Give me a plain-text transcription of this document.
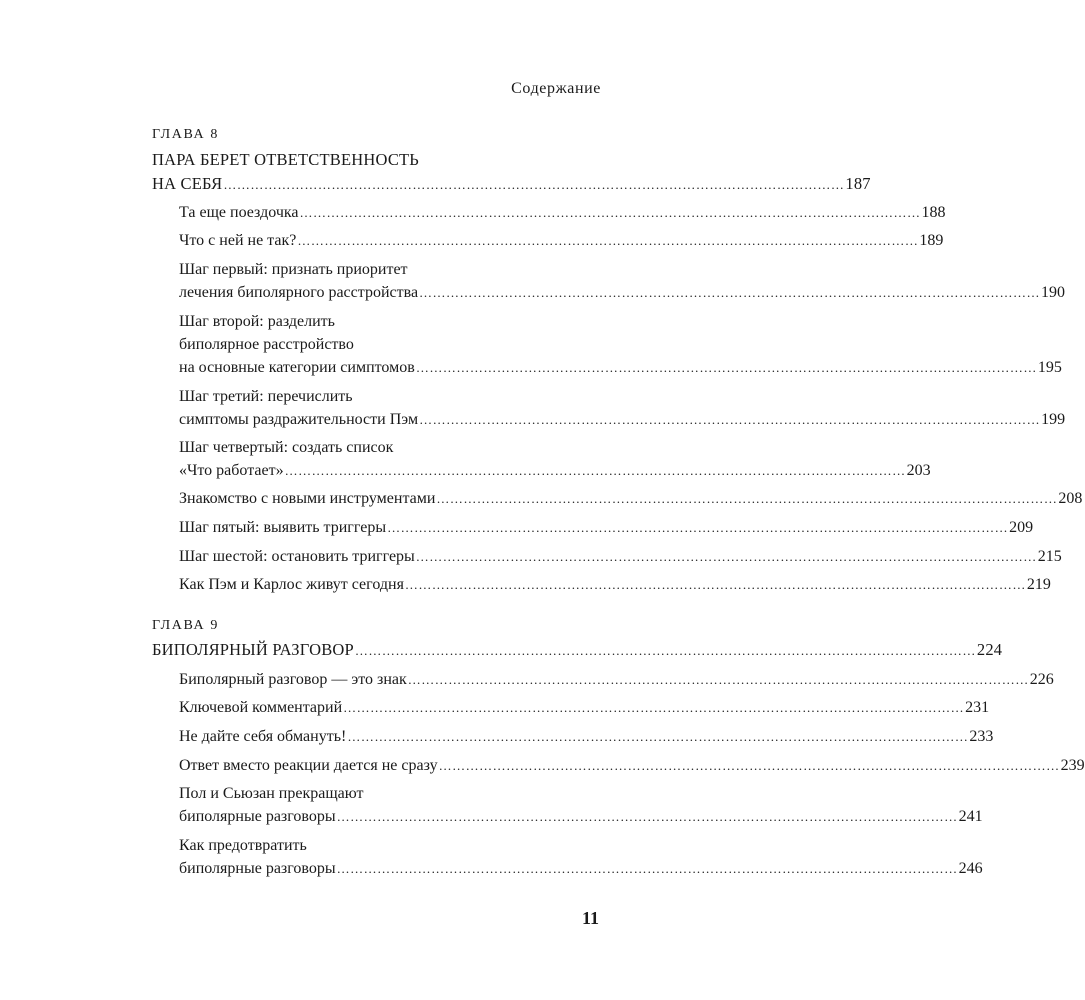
Содержание
ГЛАВА 8
ПАРА БЕРЕТ ОТВЕТСТВЕННОСТЬ
НА СЕБЯ ………………………………………………………………………………………………………………………… 187
Та еще поездочка ………………………………………………………………………………………………………………………… 188
Что с ней не так? ………………………………………………………………………………………………………………………… 189
Шаг первый: признать приоритет
лечения биполярного расстройства ………………………………………………………………………………………………………………………… 190
Шаг второй: разделить
биполярное расстройство
на основные категории симптомов ………………………………………………………………………………………………………………………… 195
Шаг третий: перечислить
симптомы раздражительности Пэм ………………………………………………………………………………………………………………………… 199
Шаг четвертый: создать список
«Что работает» ………………………………………………………………………………………………………………………… 203
Знакомство с новыми инструментами ………………………………………………………………………………………………………………………… 208
Шаг пятый: выявить триггеры ………………………………………………………………………………………………………………………… 209
Шаг шестой: остановить триггеры ………………………………………………………………………………………………………………………… 215
Как Пэм и Карлос живут сегодня ………………………………………………………………………………………………………………………… 219
ГЛАВА 9
БИПОЛЯРНЫЙ РАЗГОВОР ………………………………………………………………………………………………………………………… 224
Биполярный разговор — это знак ………………………………………………………………………………………………………………………… 226
Ключевой комментарий ………………………………………………………………………………………………………………………… 231
Не дайте себя обмануть! ………………………………………………………………………………………………………………………… 233
Ответ вместо реакции дается не сразу ………………………………………………………………………………………………………………………… 239
Пол и Сьюзан прекращают
биполярные разговоры ………………………………………………………………………………………………………………………… 241
Как предотвратить
биполярные разговоры ………………………………………………………………………………………………………………………… 246
11
